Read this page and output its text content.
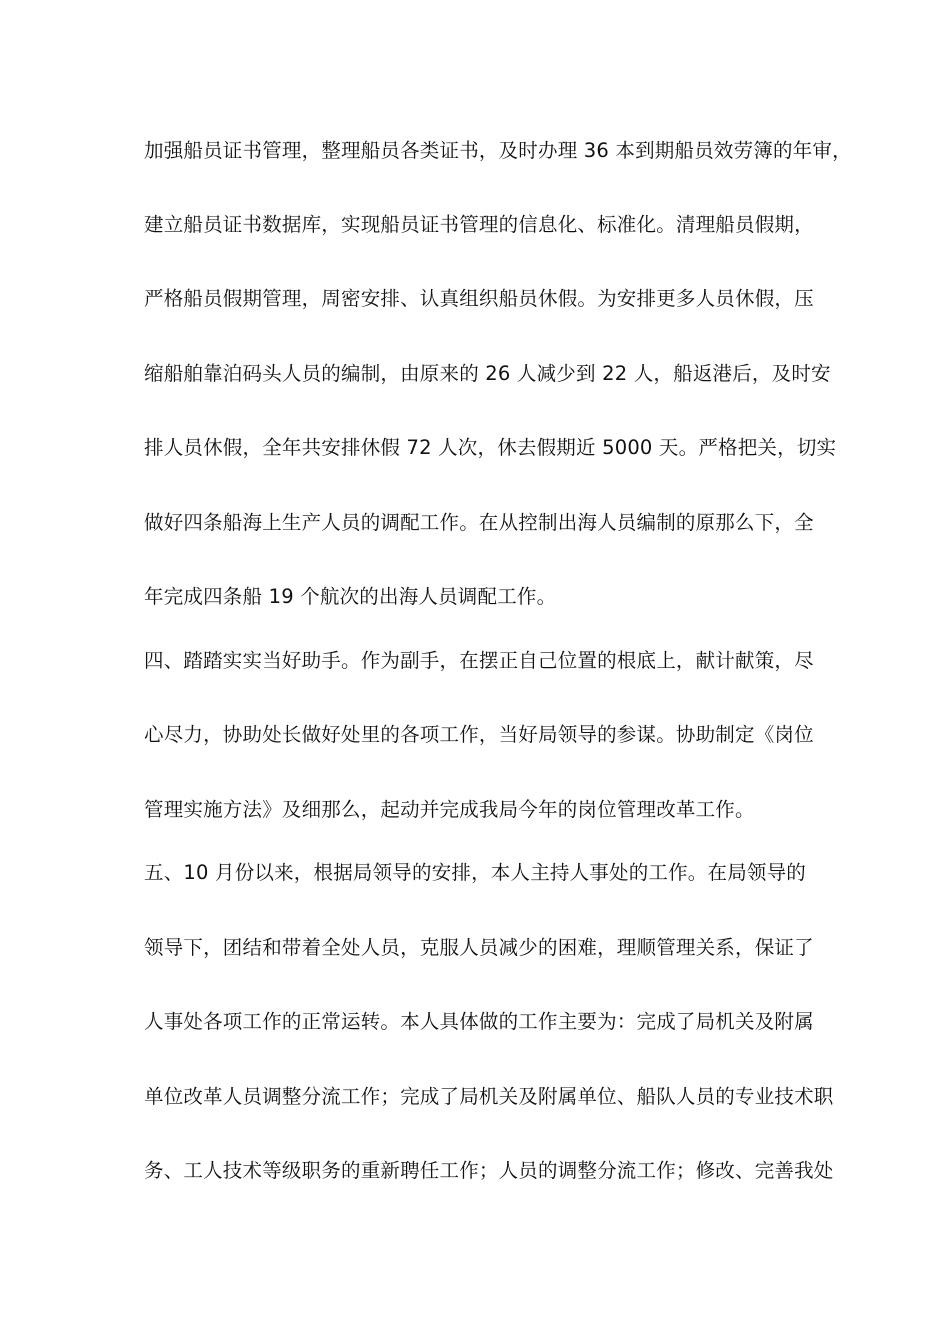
加强船员证书管理，整理船员各类证书，及时办理 36 本到期船员效劳簿的年审，
建立船员证书数据库，实现船员证书管理的信息化、标准化。清理船员假期，
严格船员假期管理，周密安排、认真组织船员休假。为安排更多人员休假，压
缩船舶靠泊码头人员的编制，由原来的 26 人减少到 22 人，船返港后，及时安
排人员休假，全年共安排休假 72 人次，休去假期近 5000 天。严格把关，切实
做好四条船海上生产人员的调配工作。在从控制出海人员编制的原那么下，全
年完成四条船 19 个航次的出海人员调配工作。
四、踏踏实实当好助手。作为副手，在摆正自己位置的根底上，献计献策，尽
心尽力，协助处长做好处里的各项工作，当好局领导的参谋。协助制定《岗位
管理实施方法》及细那么，起动并完成我局今年的岗位管理改革工作。
五、10 月份以来，根据局领导的安排，本人主持人事处的工作。在局领导的
领导下，团结和带着全处人员，克服人员减少的困难，理顺管理关系，保证了
人事处各项工作的正常运转。本人具体做的工作主要为：完成了局机关及附属
单位改革人员调整分流工作；完成了局机关及附属单位、船队人员的专业技术职
务、工人技术等级职务的重新聘任工作；人员的调整分流工作；修改、完善我处
